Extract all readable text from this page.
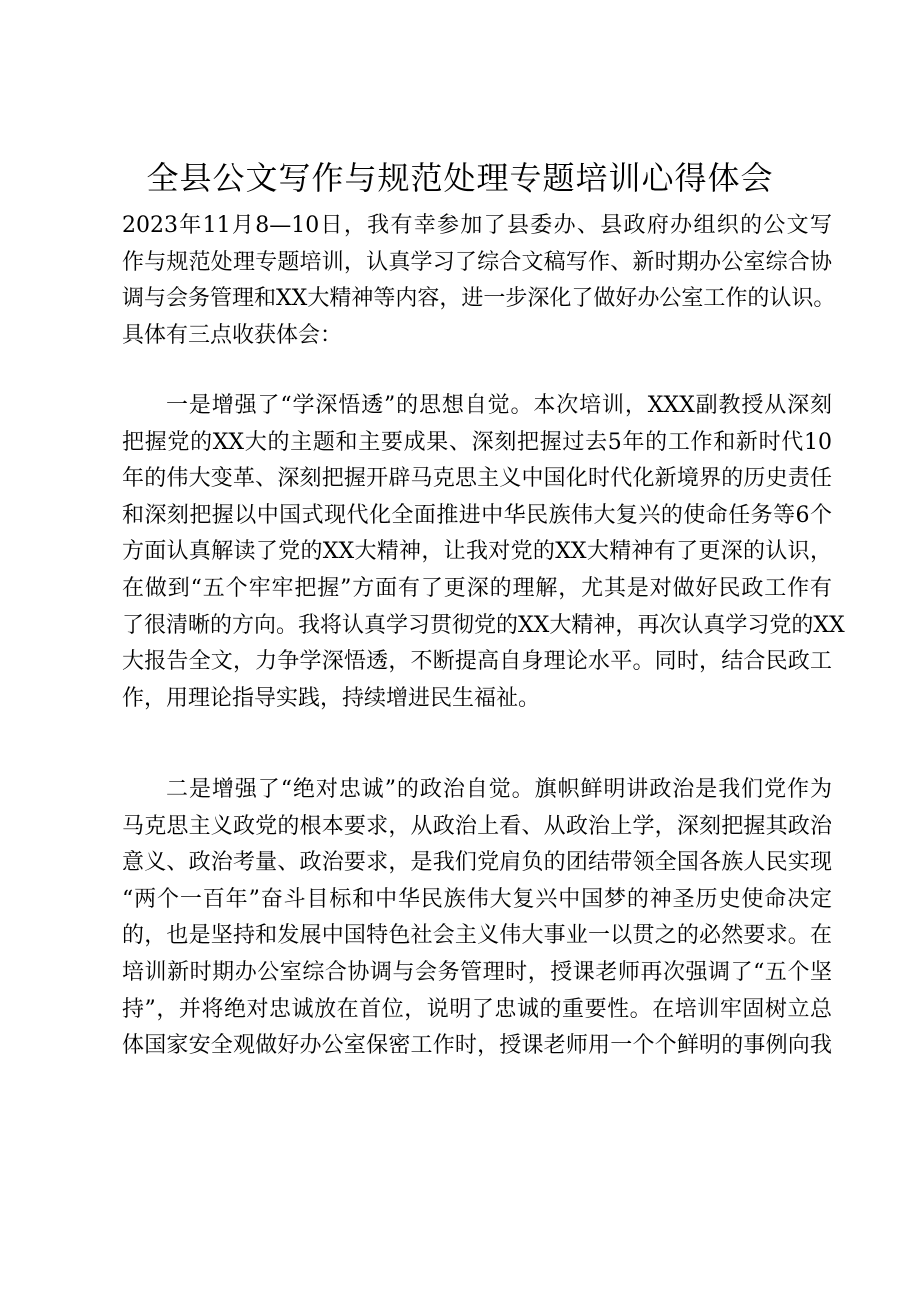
全县公文写作与规范处理专题培训心得体会
2023年11月8—10日，我有幸参加了县委办、县政府办组织的公文写
作与规范处理专题培训，认真学习了综合文稿写作、新时期办公室综合协
调与会务管理和XX大精神等内容，进一步深化了做好办公室工作的认识。
具体有三点收获体会：
一是增强了“学深悟透”的思想自觉。本次培训，XXX副教授从深刻
把握党的XX大的主题和主要成果、深刻把握过去5年的工作和新时代10
年的伟大变革、深刻把握开辟马克思主义中国化时代化新境界的历史责任
和深刻把握以中国式现代化全面推进中华民族伟大复兴的使命任务等6个
方面认真解读了党的XX大精神，让我对党的XX大精神有了更深的认识，
在做到“五个牢牢把握”方面有了更深的理解，尤其是对做好民政工作有
了很清晰的方向。我将认真学习贯彻党的XX大精神，再次认真学习党的XX
大报告全文，力争学深悟透，不断提高自身理论水平。同时，结合民政工
作，用理论指导实践，持续增进民生福祉。
二是增强了“绝对忠诚”的政治自觉。旗帜鲜明讲政治是我们党作为
马克思主义政党的根本要求，从政治上看、从政治上学，深刻把握其政治
意义、政治考量、政治要求，是我们党肩负的团结带领全国各族人民实现
“两个一百年”奋斗目标和中华民族伟大复兴中国梦的神圣历史使命决定
的，也是坚持和发展中国特色社会主义伟大事业一以贯之的必然要求。在
培训新时期办公室综合协调与会务管理时，授课老师再次强调了“五个坚
持”，并将绝对忠诚放在首位，说明了忠诚的重要性。在培训牢固树立总
体国家安全观做好办公室保密工作时，授课老师用一个个鲜明的事例向我
